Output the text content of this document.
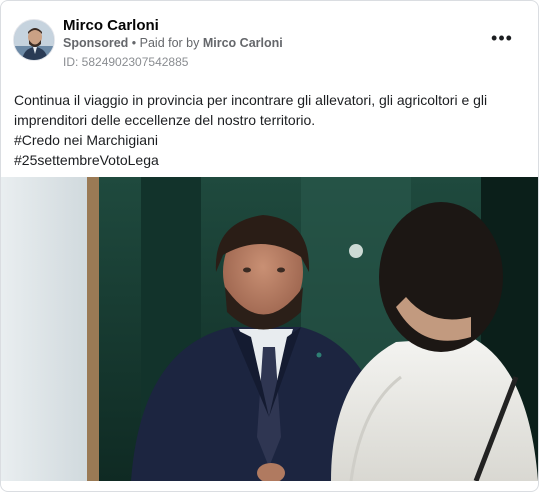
Mirco Carloni
Sponsored • Paid for by Mirco Carloni
ID: 5824902307542885
•••

Continua il viaggio in provincia per incontrare gli allevatori, gli agricoltori e gli imprenditori delle eccellenze del nostro territorio.

#Credo nei Marchigiani
#25settembreVotoLega
